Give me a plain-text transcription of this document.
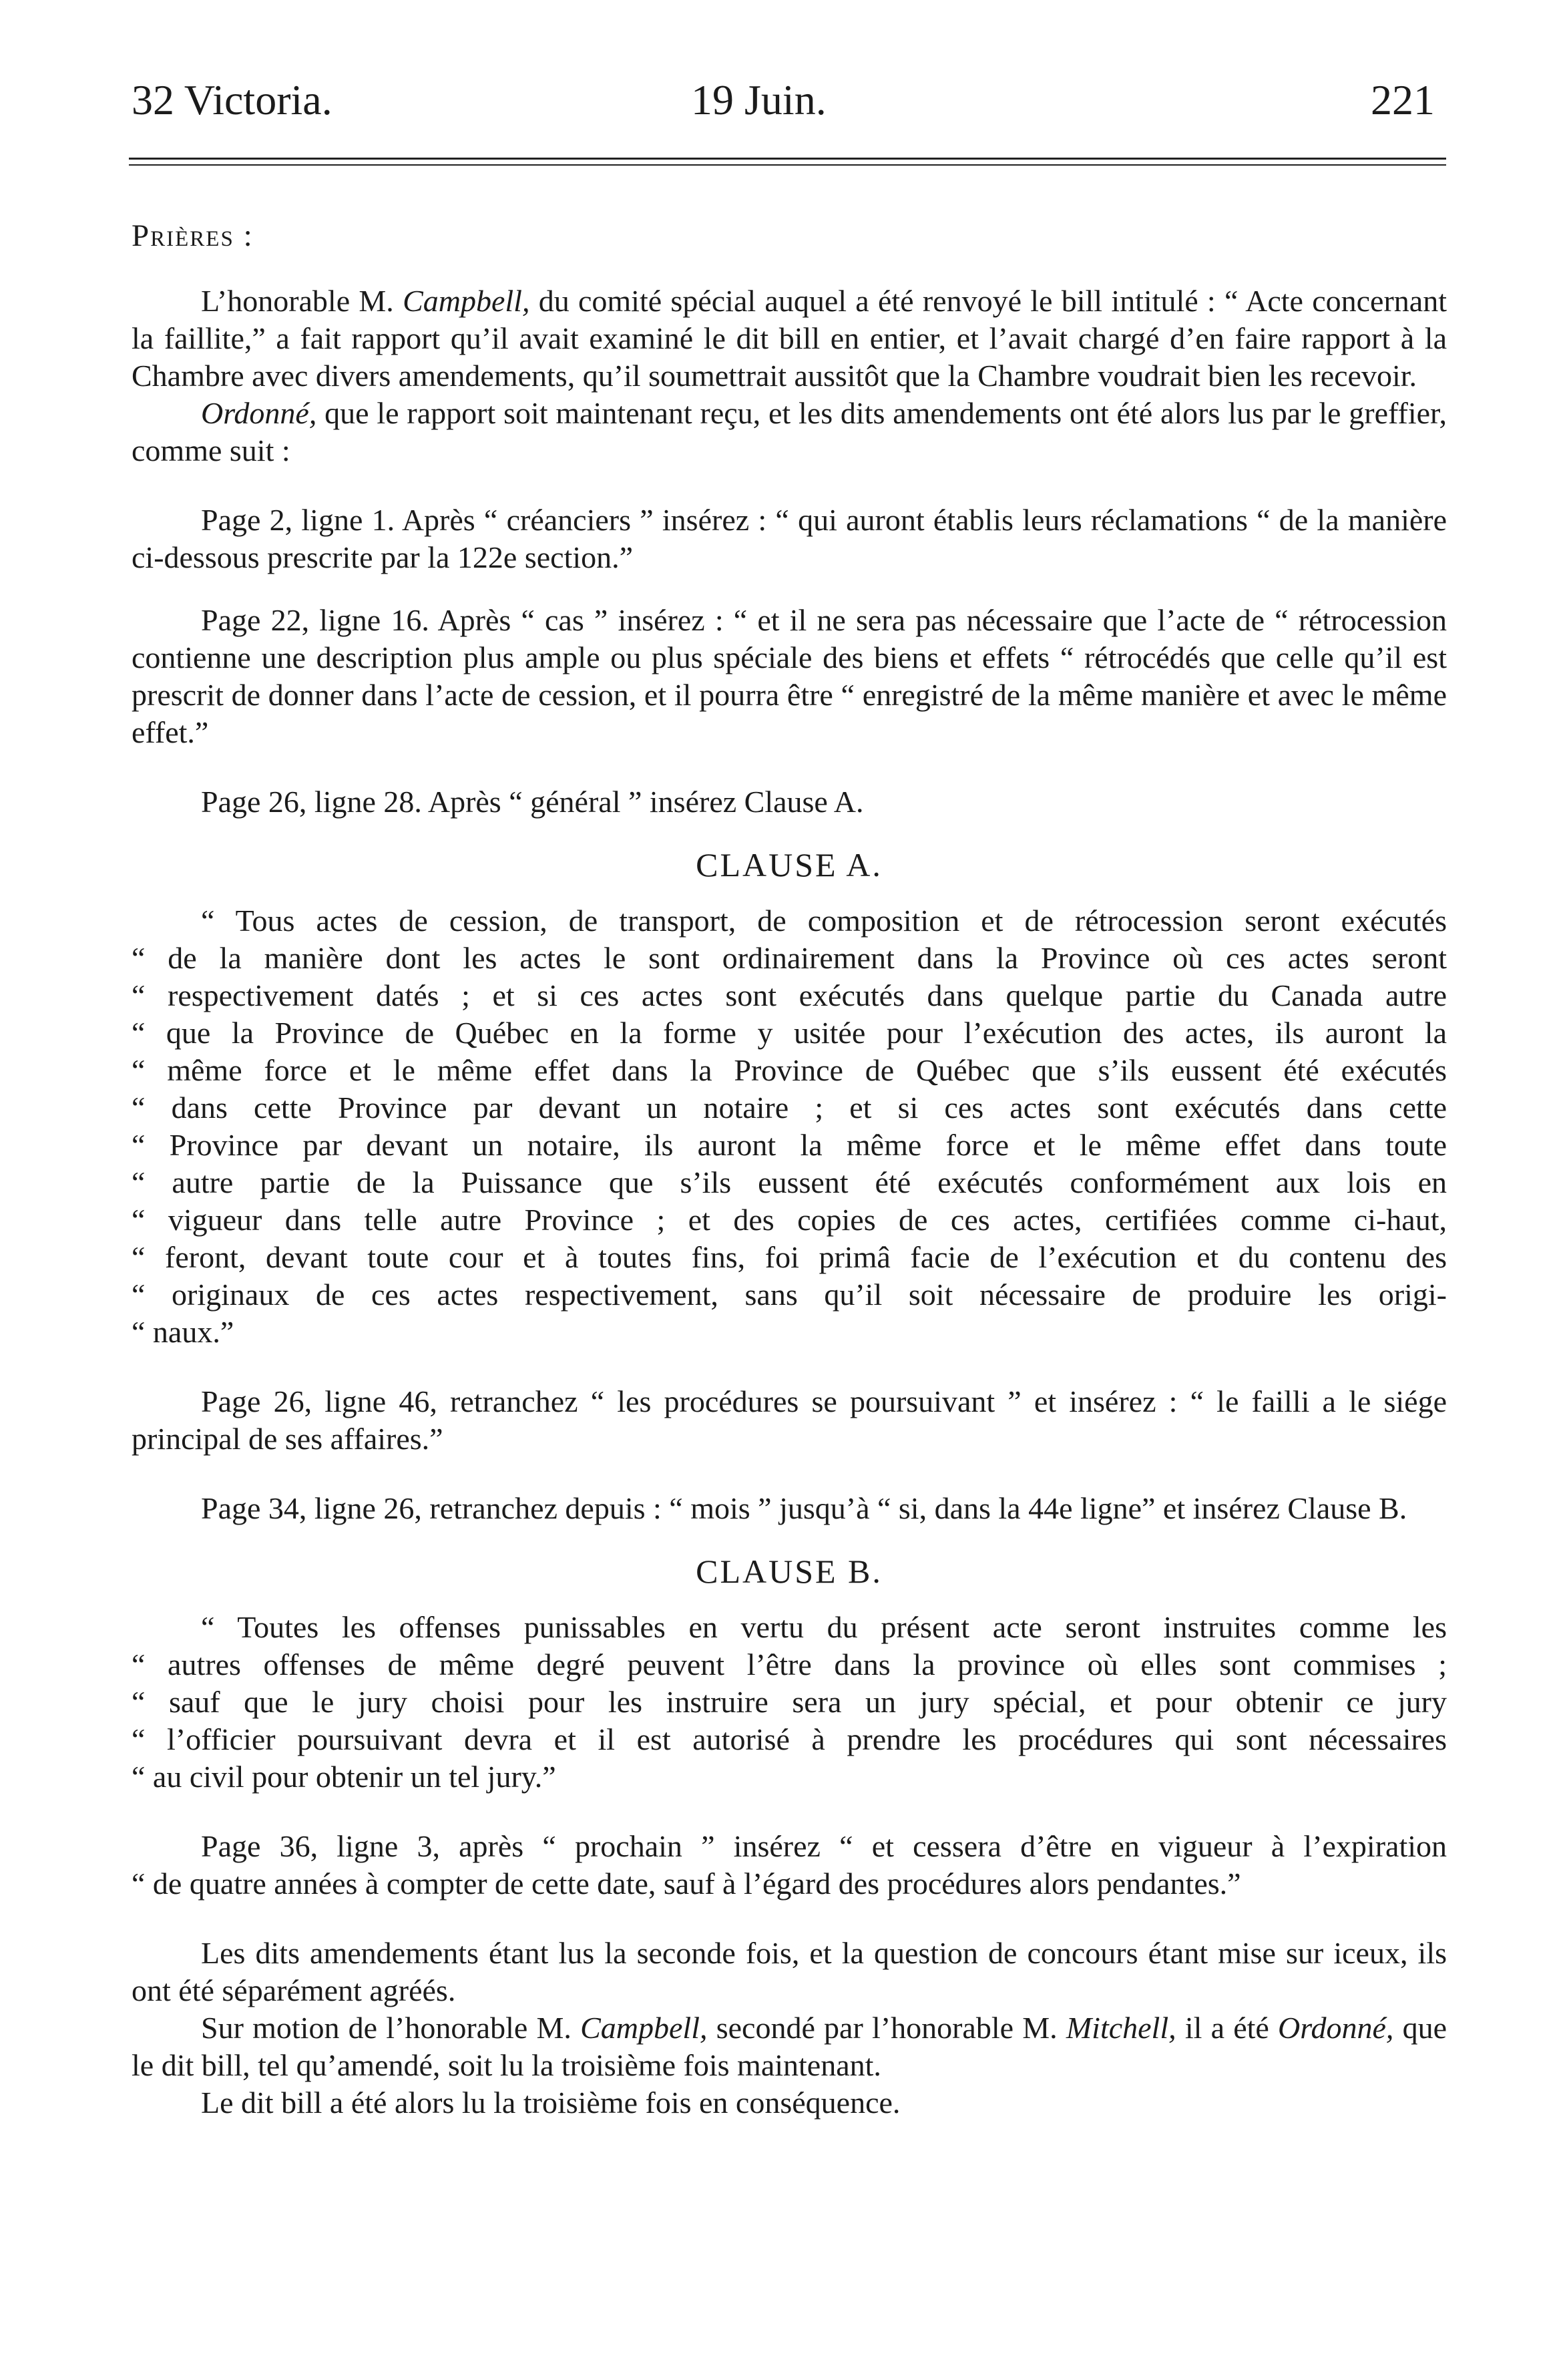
32 Victoria.	19 Juin.	221

Prières :

L’honorable M. Campbell, du comité spécial auquel a été renvoyé le bill intitulé : “ Acte concernant la faillite,” a fait rapport qu’il avait examiné le dit bill en entier, et l’avait chargé d’en faire rapport à la Chambre avec divers amendements, qu’il soumettrait aussitôt que la Chambre voudrait bien les recevoir.

Ordonné, que le rapport soit maintenant reçu, et les dits amendements ont été alors lus par le greffier, comme suit :

Page 2, ligne 1. Après “ créanciers ” insérez : “ qui auront établis leurs réclamations “ de la manière ci-dessous prescrite par la 122e section.”

Page 22, ligne 16. Après “ cas ” insérez : “ et il ne sera pas nécessaire que l’acte de “ rétrocession contienne une description plus ample ou plus spéciale des biens et effets “ rétrocédés que celle qu’il est prescrit de donner dans l’acte de cession, et il pourra être “ enregistré de la même manière et avec le même effet.”

Page 26, ligne 28. Après “ général ” insérez Clause A.

CLAUSE A.

“ Tous actes de cession, de transport, de composition et de rétrocession seront exécutés
“ de la manière dont les actes le sont ordinairement dans la Province où ces actes seront
“ respectivement datés ; et si ces actes sont exécutés dans quelque partie du Canada autre
“ que la Province de Québec en la forme y usitée pour l’exécution des actes, ils auront la
“ même force et le même effet dans la Province de Québec que s’ils eussent été exécutés
“ dans cette Province par devant un notaire ; et si ces actes sont exécutés dans cette
“ Province par devant un notaire, ils auront la même force et le même effet dans toute
“ autre partie de la Puissance que s’ils eussent été exécutés conformément aux lois en
“ vigueur dans telle autre Province ; et des copies de ces actes, certifiées comme ci-haut,
“ feront, devant toute cour et à toutes fins, foi primâ facie de l’exécution et du contenu des
“ originaux de ces actes respectivement, sans qu’il soit nécessaire de produire les origi-
“ naux.”

Page 26, ligne 46, retranchez “ les procédures se poursuivant ” et insérez : “ le failli a le siége principal de ses affaires.”

Page 34, ligne 26, retranchez depuis : “ mois ” jusqu’à “ si, dans la 44e ligne” et insérez Clause B.

CLAUSE B.

“ Toutes les offenses punissables en vertu du présent acte seront instruites comme les
“ autres offenses de même degré peuvent l’être dans la province où elles sont commises ;
“ sauf que le jury choisi pour les instruire sera un jury spécial, et pour obtenir ce jury
“ l’officier poursuivant devra et il est autorisé à prendre les procédures qui sont nécessaires
“ au civil pour obtenir un tel jury.”
Page 36, ligne 3, après “ prochain ” insérez “ et cessera d’être en vigueur à l’expiration
“ de quatre années à compter de cette date, sauf à l’égard des procédures alors pendantes.”

Les dits amendements étant lus la seconde fois, et la question de concours étant mise sur iceux, ils ont été séparément agréés.

Sur motion de l’honorable M. Campbell, secondé par l’honorable M. Mitchell, il a été Ordonné, que le dit bill, tel qu’amendé, soit lu la troisième fois maintenant.

Le dit bill a été alors lu la troisième fois en conséquence.
